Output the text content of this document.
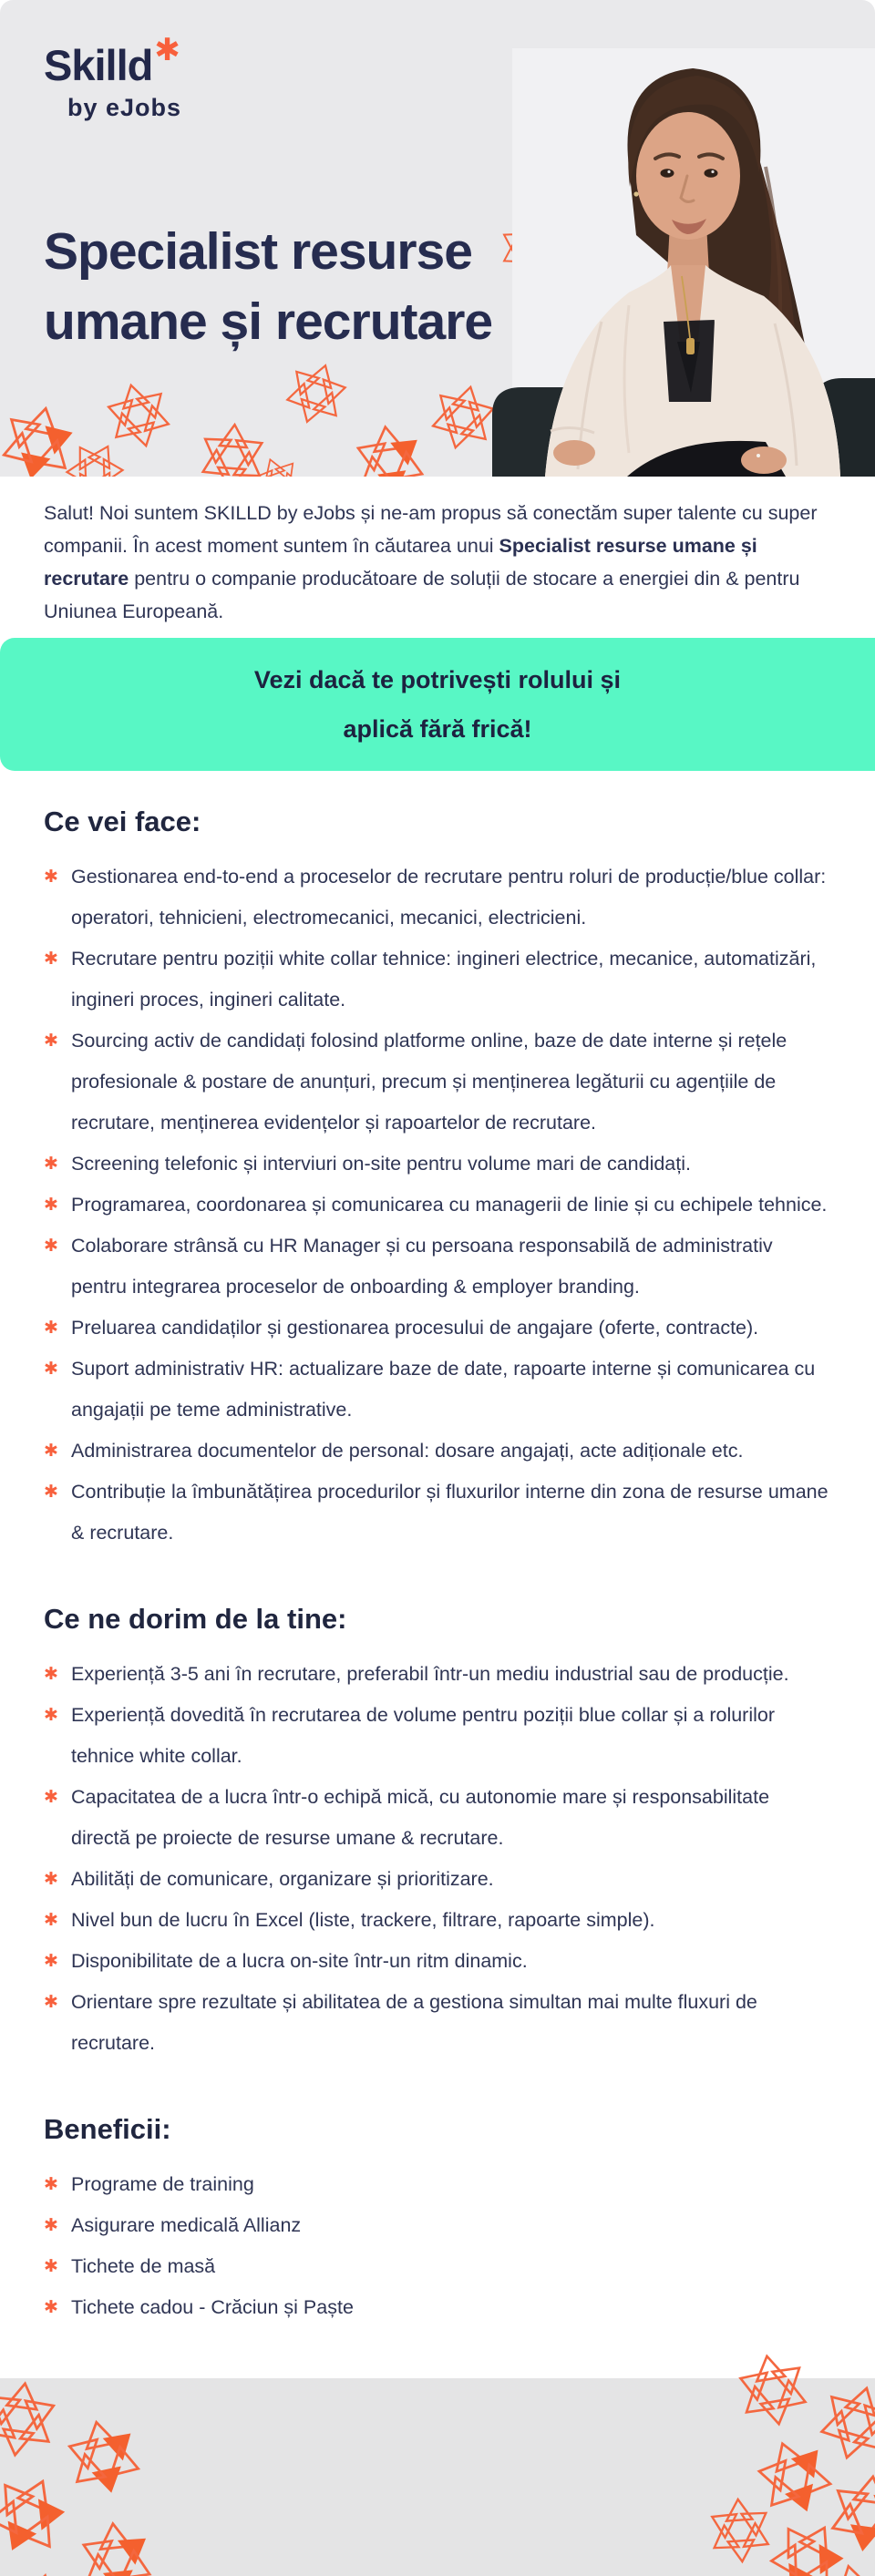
Skilld✱
by eJobs
Specialist resurse
umane și recrutare

Salut! Noi suntem SKILLD by eJobs și ne-am propus să conectăm super talente cu super companii. În acest moment suntem în căutarea unui Specialist resurse umane și recrutare pentru o companie producătoare de soluții de stocare a energiei din & pentru Uniunea Europeană.

Vezi dacă te potrivești rolului și
aplică fără frică!
Ce vei face:
✱ Gestionarea end-to-end a proceselor de recrutare pentru roluri de producție/blue collar: operatori, tehnicieni, electromecanici, mecanici, electricieni.
✱ Recrutare pentru poziții white collar tehnice: ingineri electrice, mecanice, automatizări, ingineri proces, ingineri calitate.
✱ Sourcing activ de candidați folosind platforme online, baze de date interne și rețele profesionale & postare de anunțuri, precum și menținerea legăturii cu agențiile de recrutare, menținerea evidențelor și rapoartelor de recrutare.
✱ Screening telefonic și interviuri on-site pentru volume mari de candidați.
✱ Programarea, coordonarea și comunicarea cu managerii de linie și cu echipele tehnice.
✱ Colaborare strânsă cu HR Manager și cu persoana responsabilă de administrativ pentru integrarea proceselor de onboarding & employer branding.
✱ Preluarea candidaților și gestionarea procesului de angajare (oferte, contracte).
✱ Suport administrativ HR: actualizare baze de date, rapoarte interne și comunicarea cu angajații pe teme administrative.
✱ Administrarea documentelor de personal: dosare angajați, acte adiționale etc.
✱ Contribuție la îmbunătățirea procedurilor și fluxurilor interne din zona de resurse umane & recrutare.
Ce ne dorim de la tine:
✱ Experiență 3-5 ani în recrutare, preferabil într-un mediu industrial sau de producție.
✱ Experiență dovedită în recrutarea de volume pentru poziții blue collar și a rolurilor tehnice white collar.
✱ Capacitatea de a lucra într-o echipă mică, cu autonomie mare și responsabilitate directă pe proiecte de resurse umane & recrutare.
✱ Abilități de comunicare, organizare și prioritizare.
✱ Nivel bun de lucru în Excel (liste, trackere, filtrare, rapoarte simple).
✱ Disponibilitate de a lucra on-site într-un ritm dinamic.
✱ Orientare spre rezultate și abilitatea de a gestiona simultan mai multe fluxuri de recrutare.
Beneficii:
✱ Programe de training
✱ Asigurare medicală Allianz
✱ Tichete de masă
✱ Tichete cadou - Crăciun și Paște
